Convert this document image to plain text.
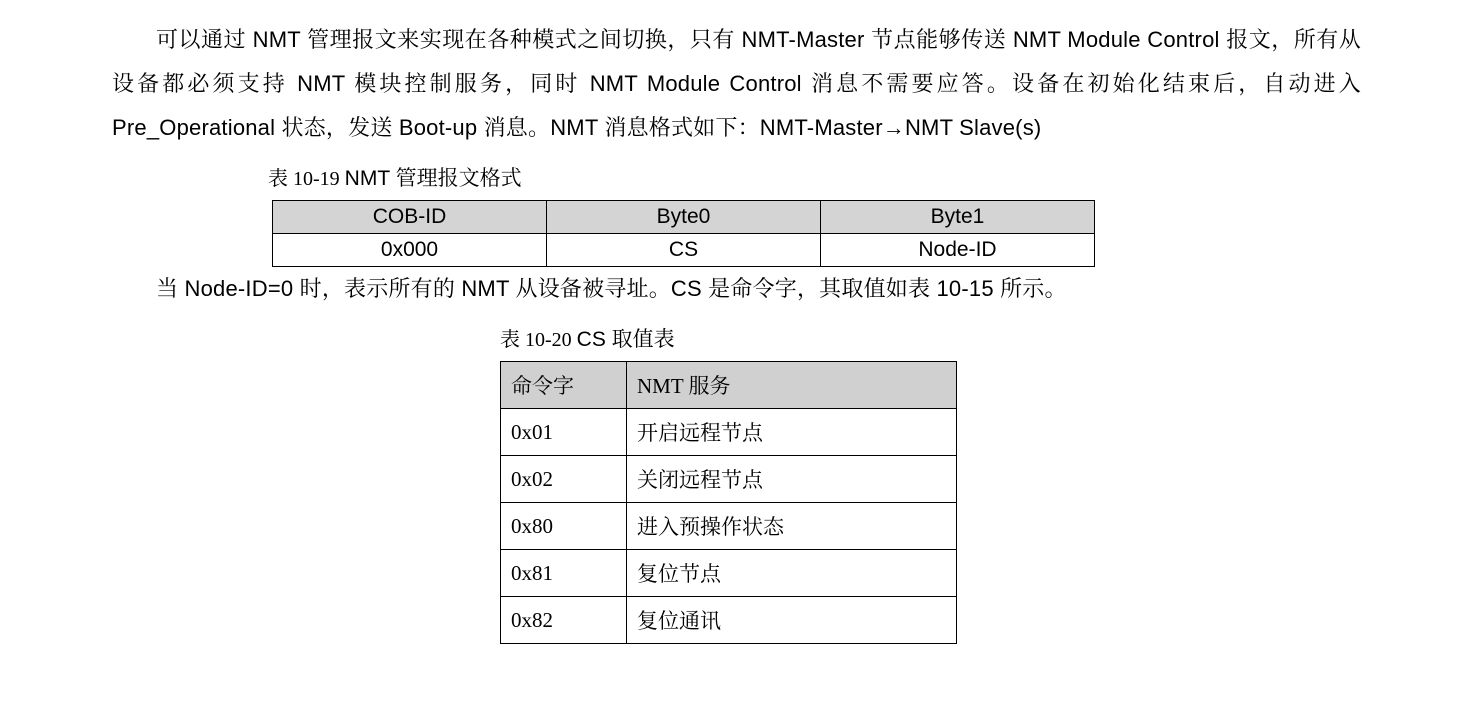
可以通过 NMT 管理报文来实现在各种模式之间切换，只有 NMT-Master 节点能够传送 NMT Module Control 报文，所有从设备都必须支持 NMT 模块控制服务，同时 NMT Module Control 消息不需要应答。设备在初始化结束后，自动进入 Pre_Operational 状态，发送 Boot-up 消息。NMT 消息格式如下：NMT-Master→NMT Slave(s)

表 10-19 NMT 管理报文格式
COB-ID	Byte0	Byte1
0x000	CS	Node-ID

当 Node-ID=0 时，表示所有的 NMT 从设备被寻址。CS 是命令字，其取值如表 10-15 所示。

表 10-20 CS 取值表
命令字	NMT 服务
0x01	开启远程节点
0x02	关闭远程节点
0x80	进入预操作状态
0x81	复位节点
0x82	复位通讯
